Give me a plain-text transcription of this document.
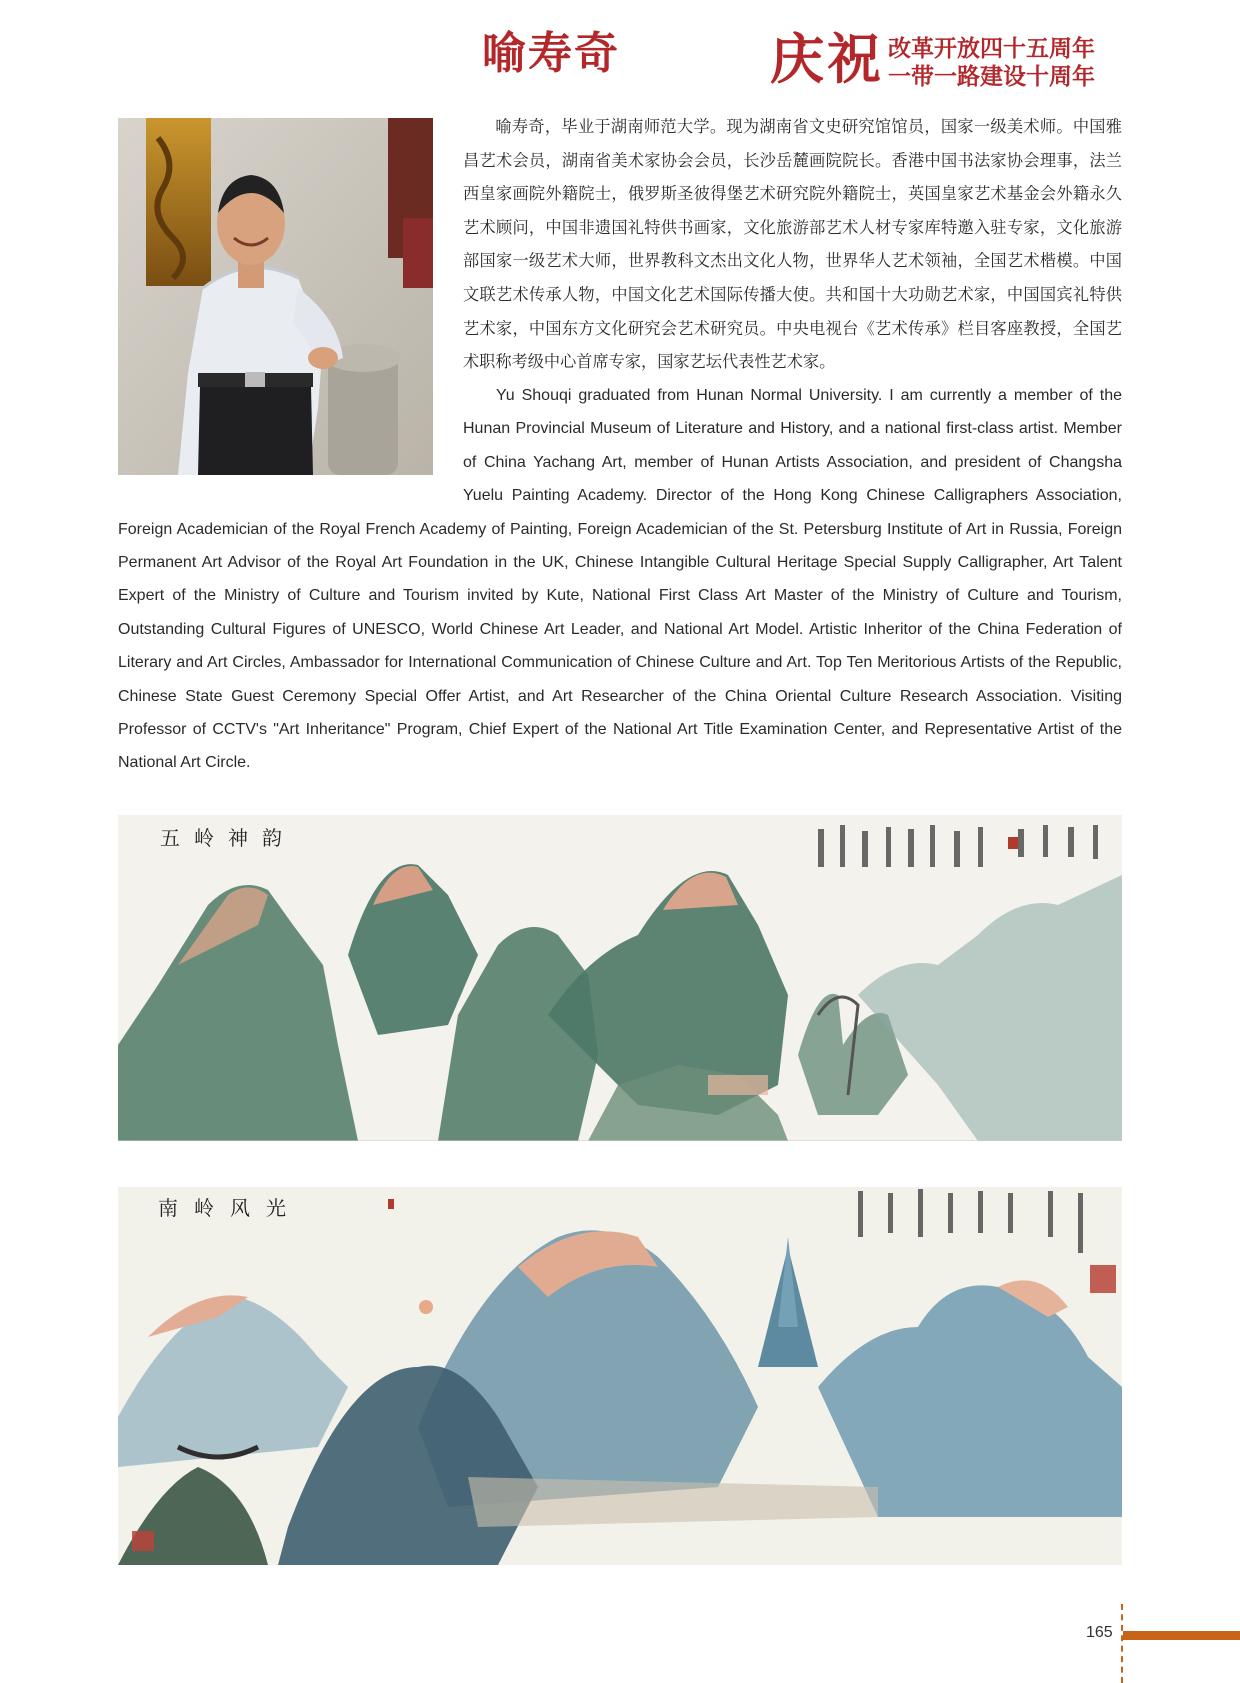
喻寿奇	庆祝 改革开放四十五周年
一带一路建设十周年

喻寿奇，毕业于湖南师范大学。现为湖南省文史研究馆馆员，国家一级美术师。中国雅昌艺术会员，湖南省美术家协会会员，长沙岳麓画院院长。香港中国书法家协会理事，法兰西皇家画院外籍院士，俄罗斯圣彼得堡艺术研究院外籍院士，英国皇家艺术基金会外籍永久艺术顾问，中国非遗国礼特供书画家，文化旅游部艺术人材专家库特邀入驻专家，文化旅游部国家一级艺术大师，世界教科文杰出文化人物，世界华人艺术领袖，全国艺术楷模。中国文联艺术传承人物，中国文化艺术国际传播大使。共和国十大功勋艺术家，中国国宾礼特供艺术家，中国东方文化研究会艺术研究员。中央电视台《艺术传承》栏目客座教授，全国艺术职称考级中心首席专家，国家艺坛代表性艺术家。

Yu Shouqi graduated from Hunan Normal University. I am currently a member of the Hunan Provincial Museum of Literature and History, and a national first-class artist. Member of China Yachang Art, member of Hunan Artists Association, and president of Changsha Yuelu Painting Academy. Director of the Hong Kong Chinese Calligraphers Association, Foreign Academician of the Royal French Academy of Painting, Foreign Academician of the St. Petersburg Institute of Art in Russia, Foreign Permanent Art Advisor of the Royal Art Foundation in the UK, Chinese Intangible Cultural Heritage Special Supply Calligrapher, Art Talent Expert of the Ministry of Culture and Tourism invited by Kute, National First Class Art Master of the Ministry of Culture and Tourism, Outstanding Cultural Figures of UNESCO, World Chinese Art Leader, and National Art Model. Artistic Inheritor of the China Federation of Literary and Art Circles, Ambassador for International Communication of Chinese Culture and Art. Top Ten Meritorious Artists of the Republic, Chinese State Guest Ceremony Special Offer Artist, and Art Researcher of the China Oriental Culture Research Association. Visiting Professor of CCTV's "Art Inheritance" Program, Chief Expert of the National Art Title Examination Center, and Representative Artist of the National Art Circle.

五岭神韵
南岭风光
165
